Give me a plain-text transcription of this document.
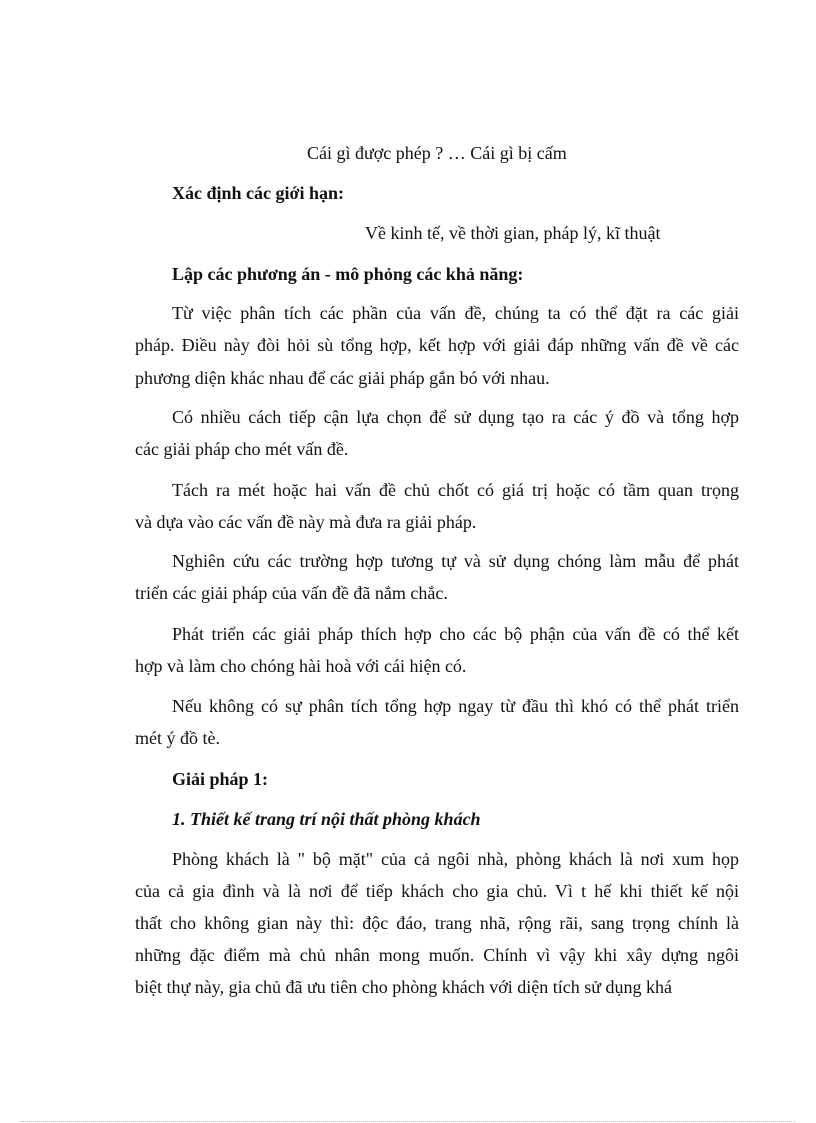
Cái gì được phép ? … Cái gì bị cấm
Xác định các giới hạn:
Về kinh tế, về thời gian, pháp lý, kĩ thuật
Lập các phương án - mô phỏng các khả năng:
Từ việc phân tích các phần của vấn đề, chúng ta có thể đặt ra các giải
pháp. Điều này đòi hỏi sù tổng hợp, kết hợp với giải đáp những vấn đề về các
phương diện khác nhau để các giải pháp gắn bó với nhau.
Có nhiều cách tiếp cận lựa chọn để sử dụng tạo ra các ý đồ và tổng hợp
các giải pháp cho mét vấn đề.
Tách ra mét hoặc hai vấn đề chủ chốt có giá trị hoặc có tầm quan trọng
và dựa vào các vấn đề này mà đưa ra giải pháp.
Nghiên cứu các trường hợp tương tự và sử dụng chóng làm mẫu để phát
triển các giải pháp của vấn đề đã nắm chắc.
Phát triển các giải pháp thích hợp cho các bộ phận của vấn đề có thể kết
hợp và làm cho chóng hài hoà với cái hiện có.
Nếu không có sự phân tích tổng hợp ngay từ đầu thì khó có thể phát triển
mét ý đồ tè.
Giải pháp 1:
1. Thiết kế trang trí nội thất phòng khách
Phòng khách là " bộ mặt" của cả ngôi nhà, phòng khách là nơi xum họp
của cả gia đình và là nơi để tiếp khách cho gia chủ. Vì t hế khi thiết kế nội
thất cho không gian này thì: độc đáo, trang nhã, rộng rãi, sang trọng chính là
những đặc điểm mà chủ nhân mong muốn. Chính vì vậy khi xây dựng ngôi
biệt thự này, gia chủ đã ưu tiên cho phòng khách với diện tích sử dụng khá
